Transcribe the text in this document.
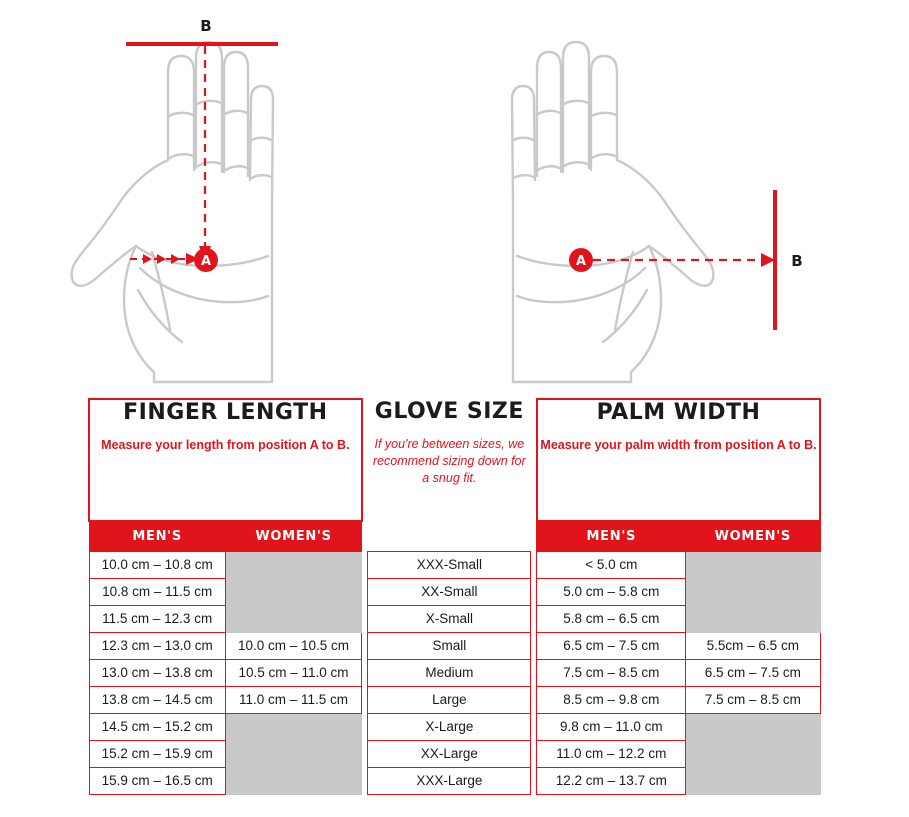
A
B
A	B
FINGER LENGTH
Measure your length from position A to B.

GLOVE SIZE
If you're between sizes, we recommend sizing down for a snug fit.

PALM WIDTH
Measure your palm width from position A to B.

MEN'S	WOMEN'S				MEN'S	WOMEN'S
10.0 cm – 10.8 cm			XXX-Small		< 5.0 cm	
10.8 cm – 11.5 cm			XX-Small		5.0 cm – 5.8 cm	
11.5 cm – 12.3 cm			X-Small		5.8 cm – 6.5 cm	
12.3 cm – 13.0 cm	10.0 cm – 10.5 cm		Small		6.5 cm – 7.5 cm	5.5cm – 6.5 cm
13.0 cm – 13.8 cm	10.5 cm – 11.0 cm		Medium		7.5 cm – 8.5 cm	6.5 cm – 7.5 cm
13.8 cm – 14.5 cm	11.0 cm – 11.5 cm		Large		8.5 cm – 9.8 cm	7.5 cm – 8.5 cm
14.5 cm – 15.2 cm			X-Large		9.8 cm – 11.0 cm	
15.2 cm – 15.9 cm			XX-Large		11.0 cm – 12.2 cm	
15.9 cm – 16.5 cm			XXX-Large		12.2 cm – 13.7 cm	
